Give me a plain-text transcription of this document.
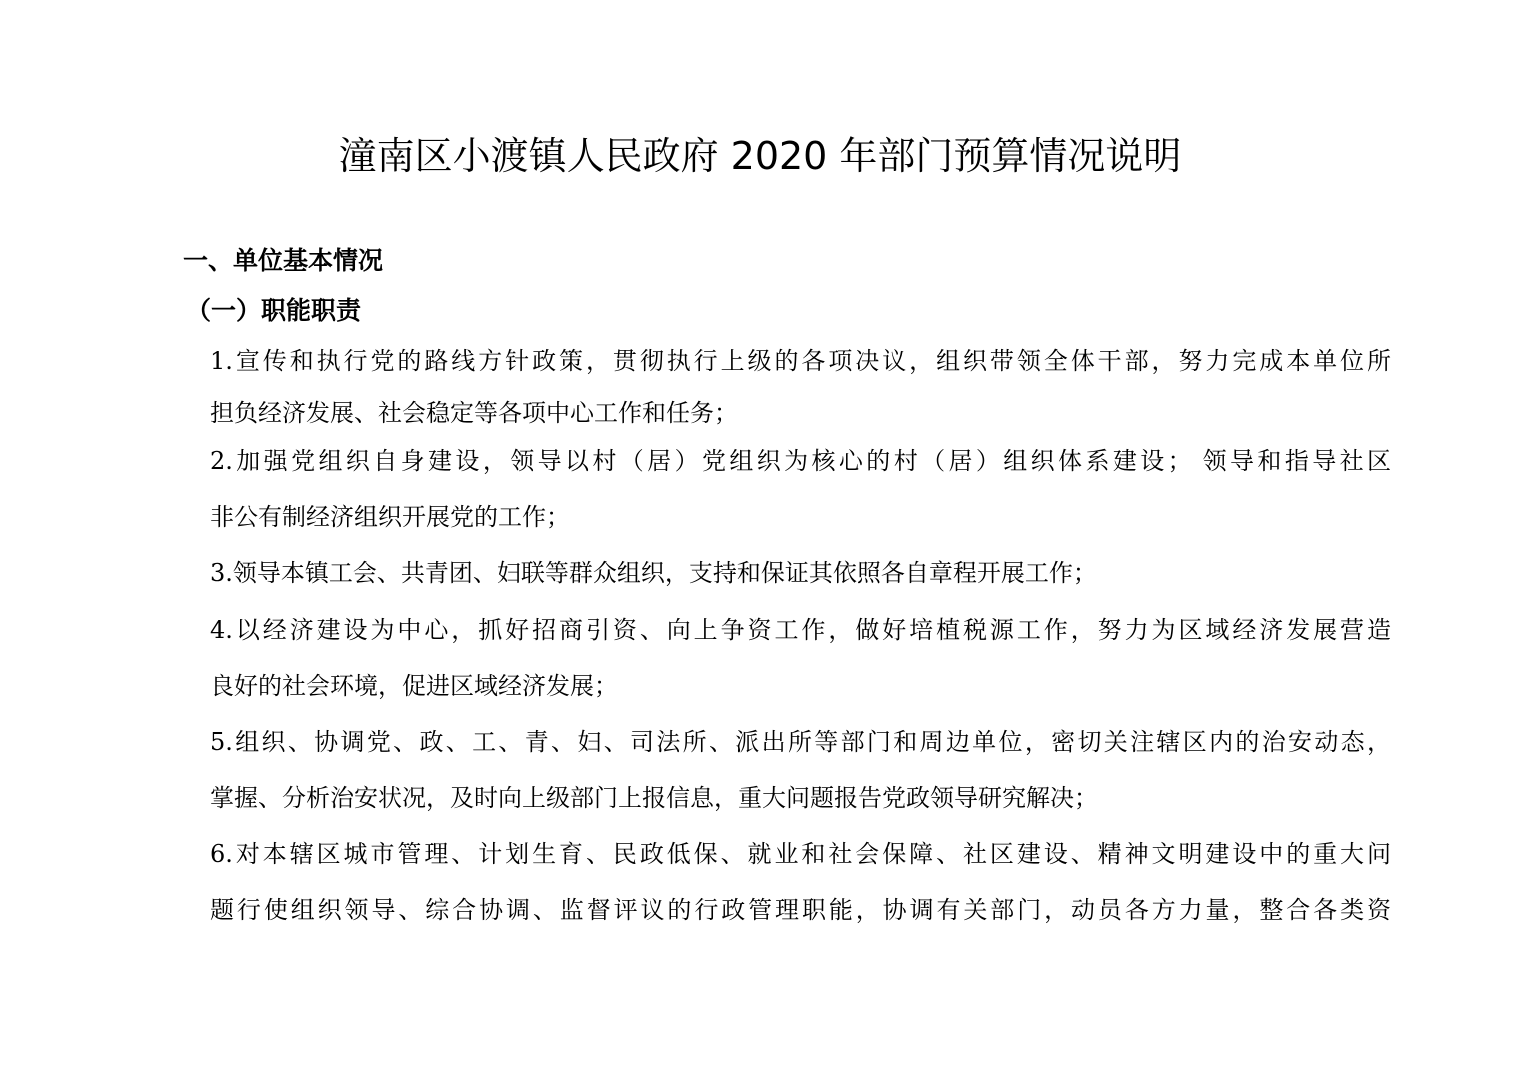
潼南区小渡镇人民政府 2020 年部门预算情况说明
一、单位基本情况
（一）职能职责
1.宣传和执行党的路线方针政策，贯彻执行上级的各项决议，组织带领全体干部，努力完成本单位所
担负经济发展、社会稳定等各项中心工作和任务；
2.加强党组织自身建设，领导以村（居）党组织为核心的村（居）组织体系建设； 领导和指导社区
非公有制经济组织开展党的工作；
3.领导本镇工会、共青团、妇联等群众组织，支持和保证其依照各自章程开展工作；
4.以经济建设为中心，抓好招商引资、向上争资工作，做好培植税源工作，努力为区域经济发展营造
良好的社会环境，促进区域经济发展；
5.组织、协调党、政、工、青、妇、司法所、派出所等部门和周边单位，密切关注辖区内的治安动态，
掌握、分析治安状况，及时向上级部门上报信息，重大问题报告党政领导研究解决；
6.对本辖区城市管理、计划生育、民政低保、就业和社会保障、社区建设、精神文明建设中的重大问
题行使组织领导、综合协调、监督评议的行政管理职能，协调有关部门，动员各方力量，整合各类资
